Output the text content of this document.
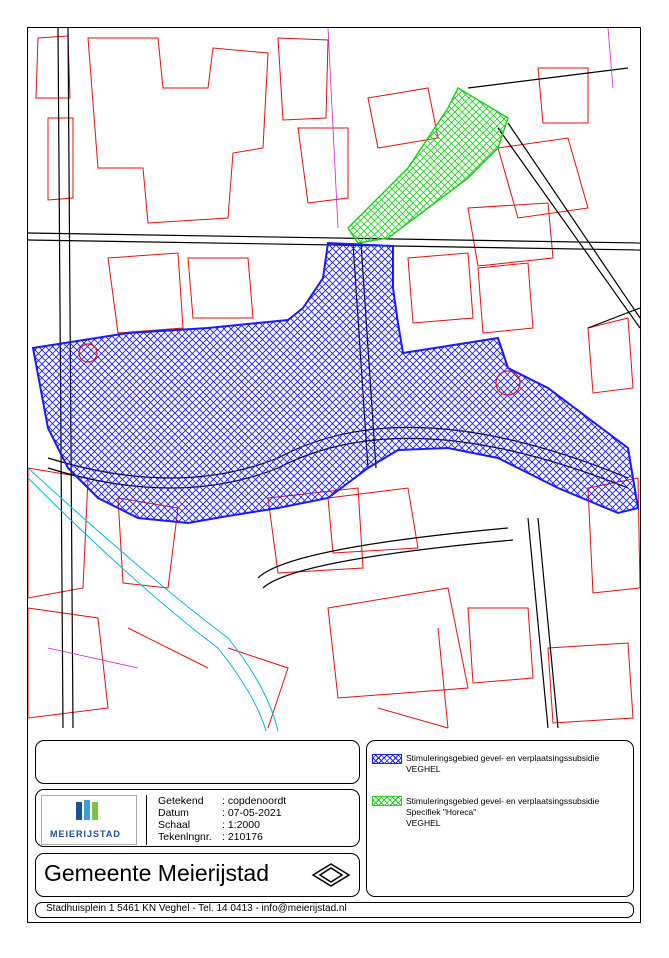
MEIERIJSTAD
Getekend : copdenoordt
Datum	: 07-05-2021
Schaal	: 1:2000
Tekenlngnr. : 210176
Gemeente Meierijstad
Stadhuisplein 1 5461 KN Veghel - Tel. 14 0413 - info@meierijstad.nl
Stimuleringsgebied gevel- en verplaatsingssubsidie
VEGHEL
Stimuleringsgebied gevel- en verplaatsingssubsidie
Specifiek "Horeca"
VEGHEL
